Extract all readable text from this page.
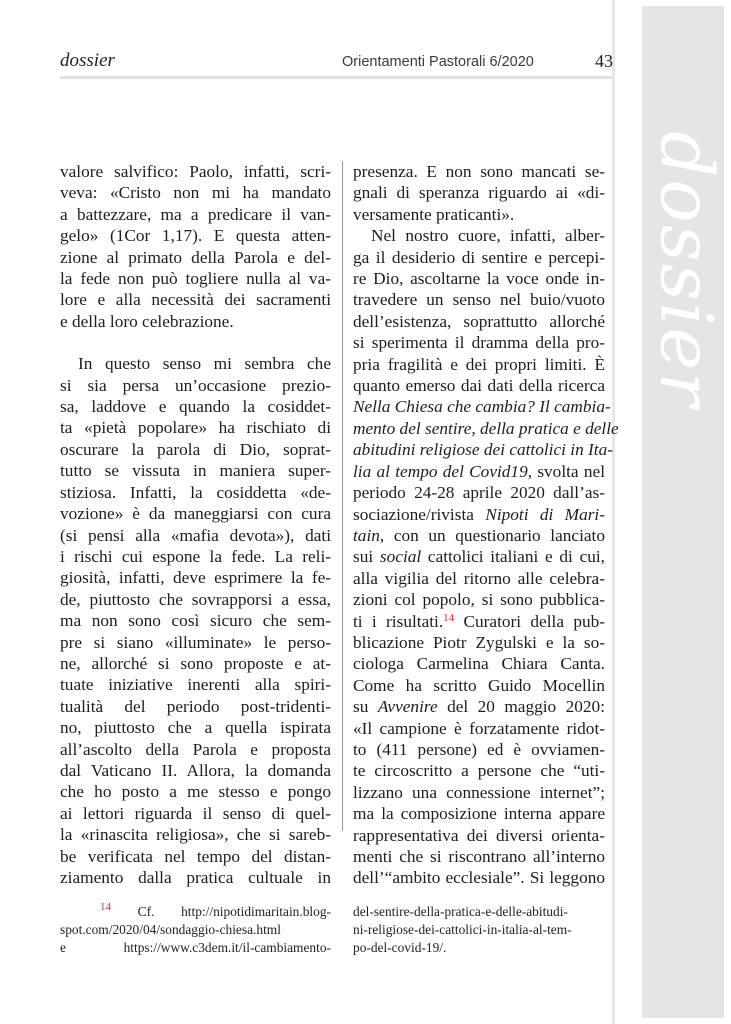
dossier
dossier	Orientamenti Pastorali 6/2020	43

valore salvifico: Paolo, infatti, scri-
veva: «Cristo non mi ha mandato
a battezzare, ma a predicare il van-
gelo» (1Cor 1,17). E questa atten-
zione al primato della Parola e del-
la fede non può togliere nulla al va-
lore e alla necessità dei sacramenti
e della loro celebrazione.

In questo senso mi sembra che
si sia persa un’occasione prezio-
sa, laddove e quando la cosiddet-
ta «pietà popolare» ha rischiato di
oscurare la parola di Dio, soprat-
tutto se vissuta in maniera super-
stiziosa. Infatti, la cosiddetta «de-
vozione» è da maneggiarsi con cura
(si pensi alla «mafia devota»), dati
i rischi cui espone la fede. La reli-
giosità, infatti, deve esprimere la fe-
de, piuttosto che sovrapporsi a essa,
ma non sono così sicuro che sem-
pre si siano «illuminate» le perso-
ne, allorché si sono proposte e at-
tuate iniziative inerenti alla spiri-
tualità del periodo post-tridenti-
no, piuttosto che a quella ispirata
all’ascolto della Parola e proposta
dal Vaticano II. Allora, la domanda
che ho posto a me stesso e pongo
ai lettori riguarda il senso di quel-
la «rinascita religiosa», che si sareb-
be verificata nel tempo del distan-
ziamento dalla pratica cultuale in

presenza. E non sono mancati se-
gnali di speranza riguardo ai «di-
versamente praticanti».

Nel nostro cuore, infatti, alber-
ga il desiderio di sentire e percepi-
re Dio, ascoltarne la voce onde in-
travedere un senso nel buio/vuoto
dell’esistenza, soprattutto allorché
si sperimenta il dramma della pro-
pria fragilità e dei propri limiti. È
quanto emerso dai dati della ricerca
Nella Chiesa che cambia? Il cambia-
mento del sentire, della pratica e delle
abitudini religiose dei cattolici in Ita-
lia al tempo del Covid19, svolta nel
periodo 24-28 aprile 2020 dall’as-
sociazione/rivista Nipoti di Mari-
tain, con un questionario lanciato
sui social cattolici italiani e di cui,
alla vigilia del ritorno alle celebra-
zioni col popolo, si sono pubblica-
ti i risultati.$^{14}$ Curatori della pub-
blicazione Piotr Zygulski e la so-
ciologa Carmelina Chiara Canta.
Come ha scritto Guido Mocellin
su Avvenire del 20 maggio 2020:
«Il campione è forzatamente ridot-
to (411 persone) ed è ovviamen-
te circoscritto a persone che “uti-
lizzano una connessione internet”;
ma la composizione interna appare
rappresentativa dei diversi orienta-
menti che si riscontrano all’interno
dell’“ambito ecclesiale”. Si leggono

$^{14}$ Cf. http://nipotidimaritain.blog-
spot.com/2020/04/sondaggio-chiesa.html
e https://www.c3dem.it/il-cambiamento-
del-sentire-della-pratica-e-delle-abitudi-
ni-religiose-dei-cattolici-in-italia-al-tem-
po-del-covid-19/.
